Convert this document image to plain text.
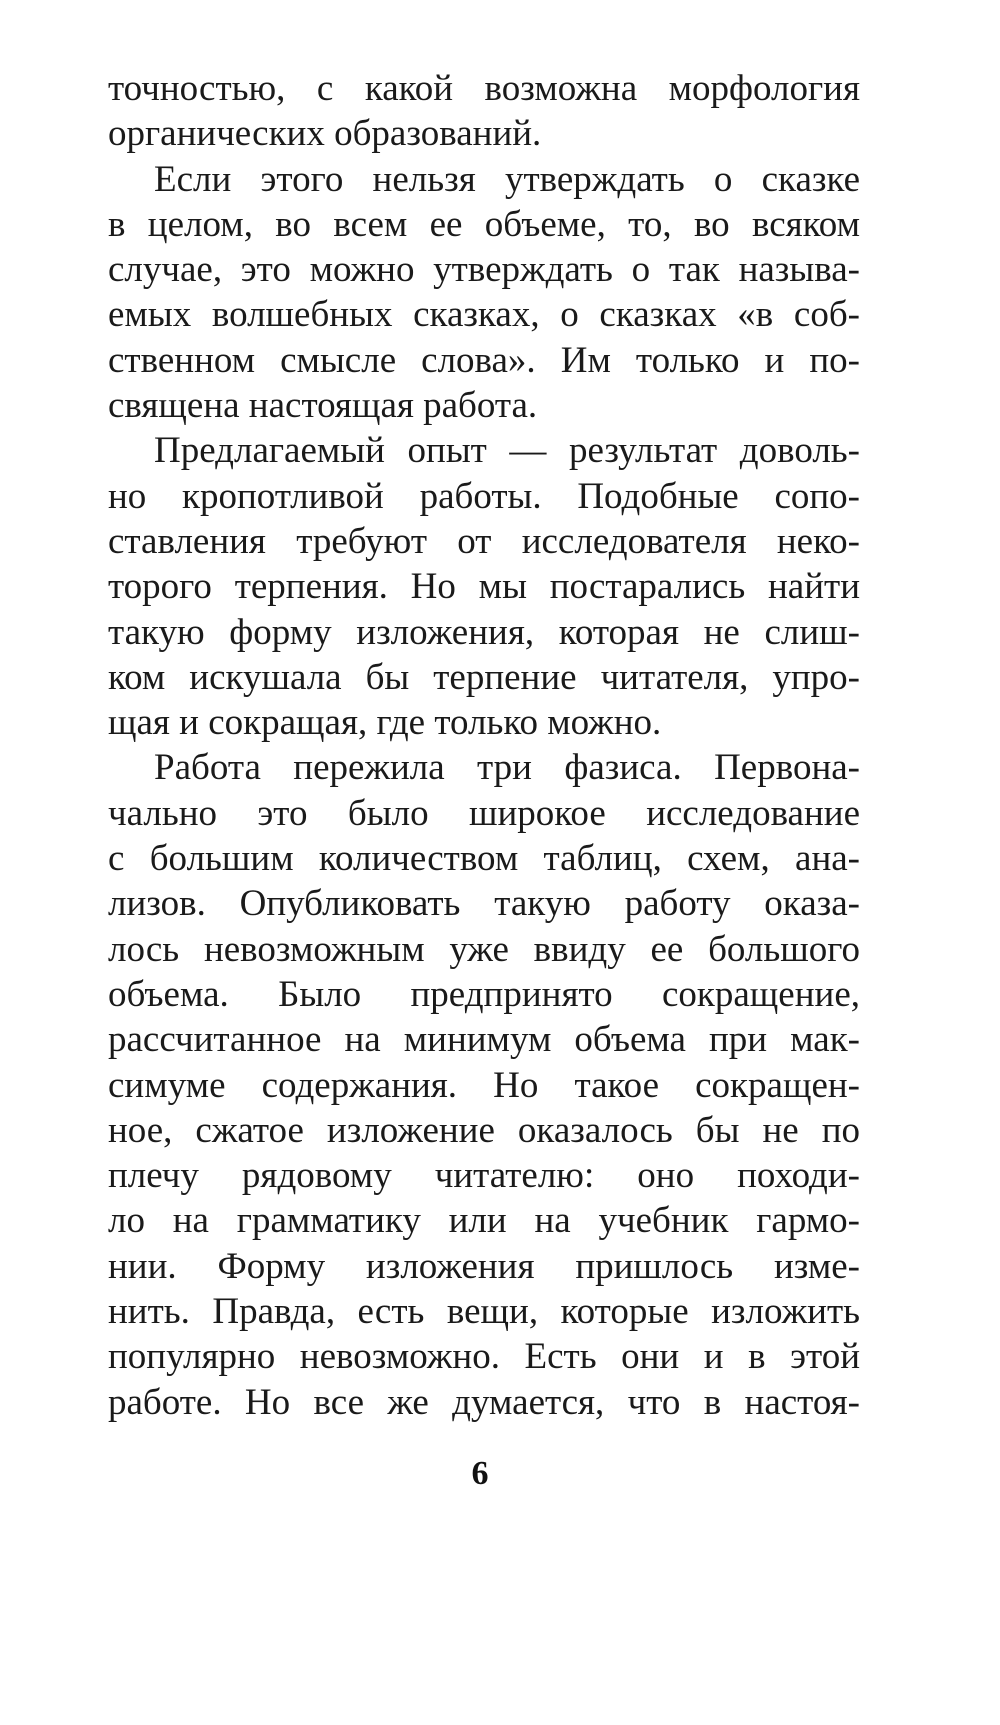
точностью, с какой возможна морфология
органических образований.
Если этого нельзя утверждать о сказке
в целом, во всем ее объеме, то, во всяком
случае, это можно утверждать о так называ-
емых волшебных сказках, о сказках «в соб-
ственном смысле слова». Им только и по-
священа настоящая работа.
Предлагаемый опыт — результат доволь-
но кропотливой работы. Подобные сопо-
ставления требуют от исследователя неко-
торого терпения. Но мы постарались найти
такую форму изложения, которая не слиш-
ком искушала бы терпение читателя, упро-
щая и сокращая, где только можно.
Работа пережила три фазиса. Первона-
чально это было широкое исследование
с большим количеством таблиц, схем, ана-
лизов. Опубликовать такую работу оказа-
лось невозможным уже ввиду ее большого
объема. Было предпринято сокращение,
рассчитанное на минимум объема при мак-
симуме содержания. Но такое сокращен-
ное, сжатое изложение оказалось бы не по
плечу рядовому читателю: оно походи-
ло на грамматику или на учебник гармо-
нии. Форму изложения пришлось изме-
нить. Правда, есть вещи, которые изложить
популярно невозможно. Есть они и в этой
работе. Но все же думается, что в настоя-
6
